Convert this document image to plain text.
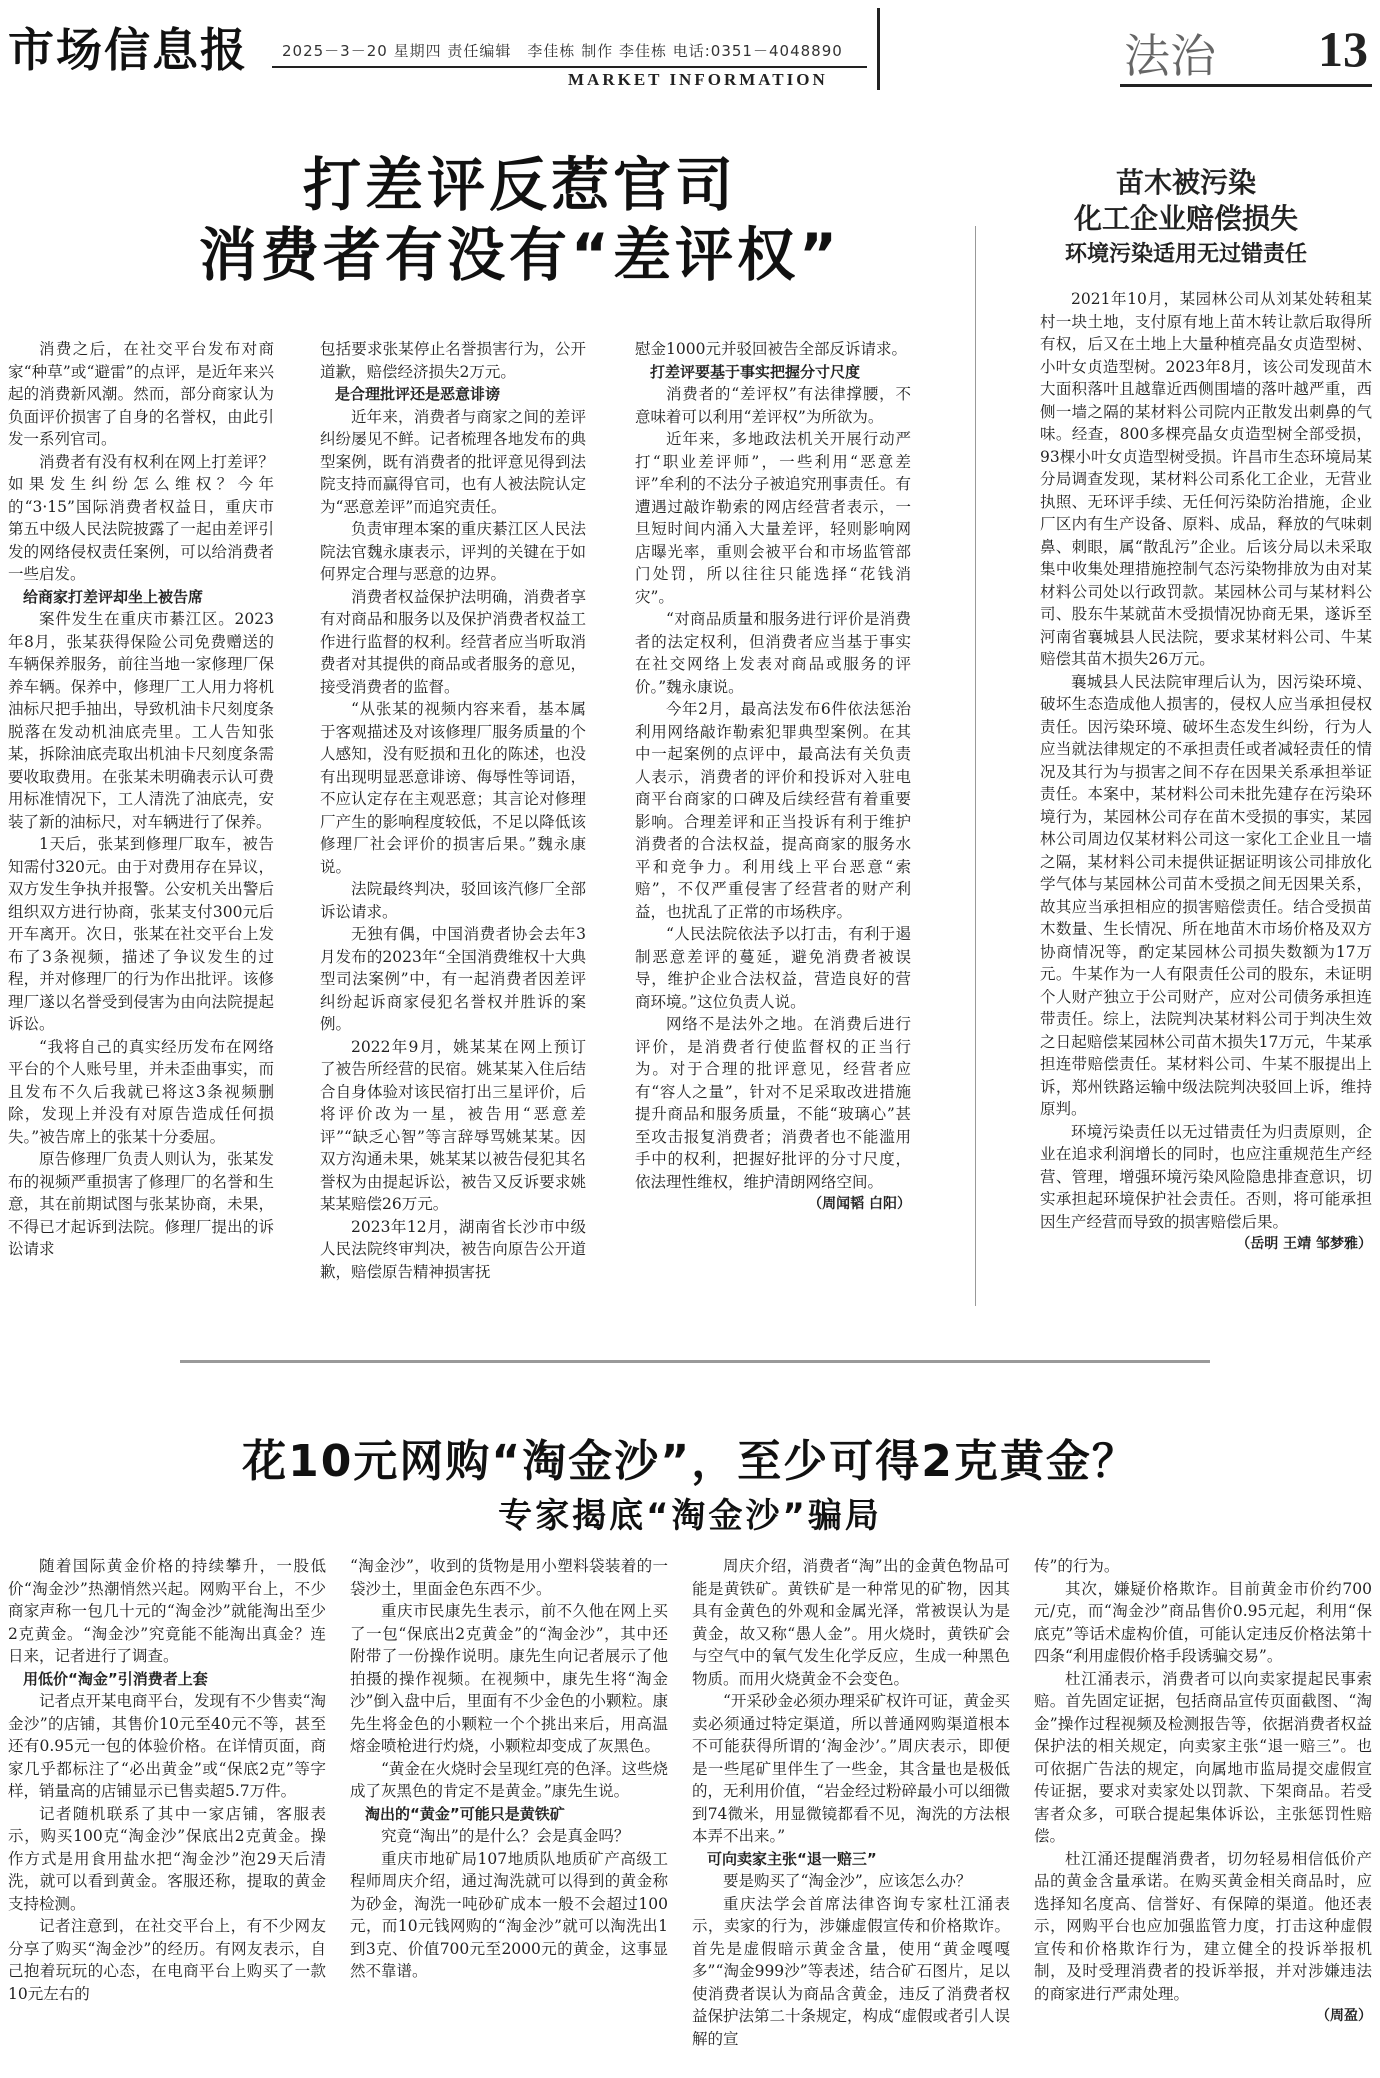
市场信息报 2025－3－20 星期四 责任编辑　李佳栋 制作 李佳栋 电话:0351－4048890
MARKET INFORMATION	法治 13
打差评反惹官司
消费者有没有“差评权”

消费之后，在社交平台发布对商家“种草”或“避雷”的点评，是近年来兴起的消费新风潮。然而，部分商家认为负面评价损害了自身的名誉权，由此引发一系列官司。

消费者有没有权利在网上打差评？如果发生纠纷怎么维权？今年的“3·15”国际消费者权益日，重庆市第五中级人民法院披露了一起由差评引发的网络侵权责任案例，可以给消费者一些启发。

给商家打差评却坐上被告席

案件发生在重庆市綦江区。2023年8月，张某获得保险公司免费赠送的车辆保养服务，前往当地一家修理厂保养车辆。保养中，修理厂工人用力将机油标尺把手抽出，导致机油卡尺刻度条脱落在发动机油底壳里。工人告知张某，拆除油底壳取出机油卡尺刻度条需要收取费用。在张某未明确表示认可费用标准情况下，工人清洗了油底壳，安装了新的油标尺，对车辆进行了保养。

1天后，张某到修理厂取车，被告知需付320元。由于对费用存在异议，双方发生争执并报警。公安机关出警后组织双方进行协商，张某支付300元后开车离开。次日，张某在社交平台上发布了3条视频，描述了争议发生的过程，并对修理厂的行为作出批评。该修理厂遂以名誉受到侵害为由向法院提起诉讼。

“我将自己的真实经历发布在网络平台的个人账号里，并未歪曲事实，而且发布不久后我就已将这3条视频删除，发现上并没有对原告造成任何损失。”被告席上的张某十分委屈。

原告修理厂负责人则认为，张某发布的视频严重损害了修理厂的名誉和生意，其在前期试图与张某协商，未果，不得已才起诉到法院。修理厂提出的诉讼请求

包括要求张某停止名誉损害行为，公开道歉，赔偿经济损失2万元。

是合理批评还是恶意诽谤

近年来，消费者与商家之间的差评纠纷屡见不鲜。记者梳理各地发布的典型案例，既有消费者的批评意见得到法院支持而赢得官司，也有人被法院认定为“恶意差评”而追究责任。

负责审理本案的重庆綦江区人民法院法官魏永康表示，评判的关键在于如何界定合理与恶意的边界。

消费者权益保护法明确，消费者享有对商品和服务以及保护消费者权益工作进行监督的权利。经营者应当听取消费者对其提供的商品或者服务的意见，接受消费者的监督。

“从张某的视频内容来看，基本属于客观描述及对该修理厂服务质量的个人感知，没有贬损和丑化的陈述，也没有出现明显恶意诽谤、侮辱性等词语，不应认定存在主观恶意；其言论对修理厂产生的影响程度较低，不足以降低该修理厂社会评价的损害后果。”魏永康说。

法院最终判决，驳回该汽修厂全部诉讼请求。

无独有偶，中国消费者协会去年3月发布的2023年“全国消费维权十大典型司法案例”中，有一起消费者因差评纠纷起诉商家侵犯名誉权并胜诉的案例。

2022年9月，姚某某在网上预订了被告所经营的民宿。姚某某入住后结合自身体验对该民宿打出三星评价，后将评价改为一星，被告用“恶意差评”“缺乏心智”等言辞辱骂姚某某。因双方沟通未果，姚某某以被告侵犯其名誉权为由提起诉讼，被告又反诉要求姚某某赔偿26万元。

2023年12月，湖南省长沙市中级人民法院终审判决，被告向原告公开道歉，赔偿原告精神损害抚

慰金1000元并驳回被告全部反诉请求。

打差评要基于事实把握分寸尺度

消费者的“差评权”有法律撑腰，不意味着可以利用“差评权”为所欲为。

近年来，多地政法机关开展行动严打“职业差评师”，一些利用“恶意差评”牟利的不法分子被追究刑事责任。有遭遇过敲诈勒索的网店经营者表示，一旦短时间内涌入大量差评，轻则影响网店曝光率，重则会被平台和市场监管部门处罚，所以往往只能选择“花钱消灾”。

“对商品质量和服务进行评价是消费者的法定权利，但消费者应当基于事实在社交网络上发表对商品或服务的评价。”魏永康说。

今年2月，最高法发布6件依法惩治利用网络敲诈勒索犯罪典型案例。在其中一起案例的点评中，最高法有关负责人表示，消费者的评价和投诉对入驻电商平台商家的口碑及后续经营有着重要影响。合理差评和正当投诉有利于维护消费者的合法权益，提高商家的服务水平和竞争力。利用线上平台恶意“索赔”，不仅严重侵害了经营者的财产利益，也扰乱了正常的市场秩序。

“人民法院依法予以打击，有利于遏制恶意差评的蔓延，避免消费者被误导，维护企业合法权益，营造良好的营商环境。”这位负责人说。

网络不是法外之地。在消费后进行评价，是消费者行使监督权的正当行为。对于合理的批评意见，经营者应有“容人之量”，针对不足采取改进措施提升商品和服务质量，不能“玻璃心”甚至攻击报复消费者；消费者也不能滥用手中的权利，把握好批评的分寸尺度，依法理性维权，维护清朗网络空间。

（周闻韬 白阳）

苗木被污染
化工企业赔偿损失
环境污染适用无过错责任

2021年10月，某园林公司从刘某处转租某村一块土地，支付原有地上苗木转让款后取得所有权，后又在土地上大量种植亮晶女贞造型树、小叶女贞造型树。2023年8月，该公司发现苗木大面积落叶且越靠近西侧围墙的落叶越严重，西侧一墙之隔的某材料公司院内正散发出刺鼻的气味。经查，800多棵亮晶女贞造型树全部受损，93棵小叶女贞造型树受损。许昌市生态环境局某分局调查发现，某材料公司系化工企业，无营业执照、无环评手续、无任何污染防治措施，企业厂区内有生产设备、原料、成品，释放的气味刺鼻、刺眼，属“散乱污”企业。后该分局以未采取集中收集处理措施控制气态污染物排放为由对某材料公司处以行政罚款。某园林公司与某材料公司、股东牛某就苗木受损情况协商无果，遂诉至河南省襄城县人民法院，要求某材料公司、牛某赔偿其苗木损失26万元。

襄城县人民法院审理后认为，因污染环境、破坏生态造成他人损害的，侵权人应当承担侵权责任。因污染环境、破坏生态发生纠纷，行为人应当就法律规定的不承担责任或者减轻责任的情况及其行为与损害之间不存在因果关系承担举证责任。本案中，某材料公司未批先建存在污染环境行为，某园林公司存在苗木受损的事实，某园林公司周边仅某材料公司这一家化工企业且一墙之隔，某材料公司未提供证据证明该公司排放化学气体与某园林公司苗木受损之间无因果关系，故其应当承担相应的损害赔偿责任。结合受损苗木数量、生长情况、所在地苗木市场价格及双方协商情况等，酌定某园林公司损失数额为17万元。牛某作为一人有限责任公司的股东，未证明个人财产独立于公司财产，应对公司债务承担连带责任。综上，法院判决某材料公司于判决生效之日起赔偿某园林公司苗木损失17万元，牛某承担连带赔偿责任。某材料公司、牛某不服提出上诉，郑州铁路运输中级法院判决驳回上诉，维持原判。

环境污染责任以无过错责任为归责原则，企业在追求利润增长的同时，也应注重规范生产经营、管理，增强环境污染风险隐患排查意识，切实承担起环境保护社会责任。否则，将可能承担因生产经营而导致的损害赔偿后果。

（岳明 王靖 邹梦雅）

花10元网购“淘金沙”，至少可得2克黄金？
专家揭底“淘金沙”骗局

随着国际黄金价格的持续攀升，一股低价“淘金沙”热潮悄然兴起。网购平台上，不少商家声称一包几十元的“淘金沙”就能淘出至少2克黄金。“淘金沙”究竟能不能淘出真金？连日来，记者进行了调查。

用低价“淘金”引消费者上套

记者点开某电商平台，发现有不少售卖“淘金沙”的店铺，其售价10元至40元不等，甚至还有0.95元一包的体验价格。在详情页面，商家几乎都标注了“必出黄金”或“保底2克”等字样，销量高的店铺显示已售卖超5.7万件。

记者随机联系了其中一家店铺，客服表示，购买100克“淘金沙”保底出2克黄金。操作方式是用食用盐水把“淘金沙”泡29天后清洗，就可以看到黄金。客服还称，提取的黄金支持检测。

记者注意到，在社交平台上，有不少网友分享了购买“淘金沙”的经历。有网友表示，自己抱着玩玩的心态，在电商平台上购买了一款10元左右的

“淘金沙”，收到的货物是用小塑料袋装着的一袋沙土，里面金色东西不少。

重庆市民康先生表示，前不久他在网上买了一包“保底出2克黄金”的“淘金沙”，其中还附带了一份操作说明。康先生向记者展示了他拍摄的操作视频。在视频中，康先生将“淘金沙”倒入盘中后，里面有不少金色的小颗粒。康先生将金色的小颗粒一个个挑出来后，用高温熔金喷枪进行灼烧，小颗粒却变成了灰黑色。

“黄金在火烧时会呈现红亮的色泽。这些烧成了灰黑色的肯定不是黄金。”康先生说。

淘出的“黄金”可能只是黄铁矿

究竟“淘出”的是什么？会是真金吗？

重庆市地矿局107地质队地质矿产高级工程师周庆介绍，通过淘洗就可以得到的黄金称为砂金，淘洗一吨砂矿成本一般不会超过100元，而10元钱网购的“淘金沙”就可以淘洗出1到3克、价值700元至2000元的黄金，这事显然不靠谱。

周庆介绍，消费者“淘”出的金黄色物品可能是黄铁矿。黄铁矿是一种常见的矿物，因其具有金黄色的外观和金属光泽，常被误认为是黄金，故又称“愚人金”。用火烧时，黄铁矿会与空气中的氧气发生化学反应，生成一种黑色物质。而用火烧黄金不会变色。

“开采砂金必须办理采矿权许可证，黄金买卖必须通过特定渠道，所以普通网购渠道根本不可能获得所谓的‘淘金沙’。”周庆表示，即便是一些尾矿里伴生了一些金，其含量也是极低的，无利用价值，“岩金经过粉碎最小可以细微到74微米，用显微镜都看不见，淘洗的方法根本弄不出来。”

可向卖家主张“退一赔三”

要是购买了“淘金沙”，应该怎么办？

重庆法学会首席法律咨询专家杜江涌表示，卖家的行为，涉嫌虚假宣传和价格欺诈。首先是虚假暗示黄金含量，使用“黄金嘎嘎多”“淘金999沙”等表述，结合矿石图片，足以使消费者误认为商品含黄金，违反了消费者权益保护法第二十条规定，构成“虚假或者引人误解的宣

传”的行为。

其次，嫌疑价格欺诈。目前黄金市价约700元/克，而“淘金沙”商品售价0.95元起，利用“保底克”等话术虚构价值，可能认定违反价格法第十四条“利用虚假价格手段诱骗交易”。

杜江涌表示，消费者可以向卖家提起民事索赔。首先固定证据，包括商品宣传页面截图、“淘金”操作过程视频及检测报告等，依据消费者权益保护法的相关规定，向卖家主张“退一赔三”。也可依据广告法的规定，向属地市监局提交虚假宣传证据，要求对卖家处以罚款、下架商品。若受害者众多，可联合提起集体诉讼，主张惩罚性赔偿。

杜江涌还提醒消费者，切勿轻易相信低价产品的黄金含量承诺。在购买黄金相关商品时，应选择知名度高、信誉好、有保障的渠道。他还表示，网购平台也应加强监管力度，打击这种虚假宣传和价格欺诈行为，建立健全的投诉举报机制，及时受理消费者的投诉举报，并对涉嫌违法的商家进行严肃处理。

（周盈）
